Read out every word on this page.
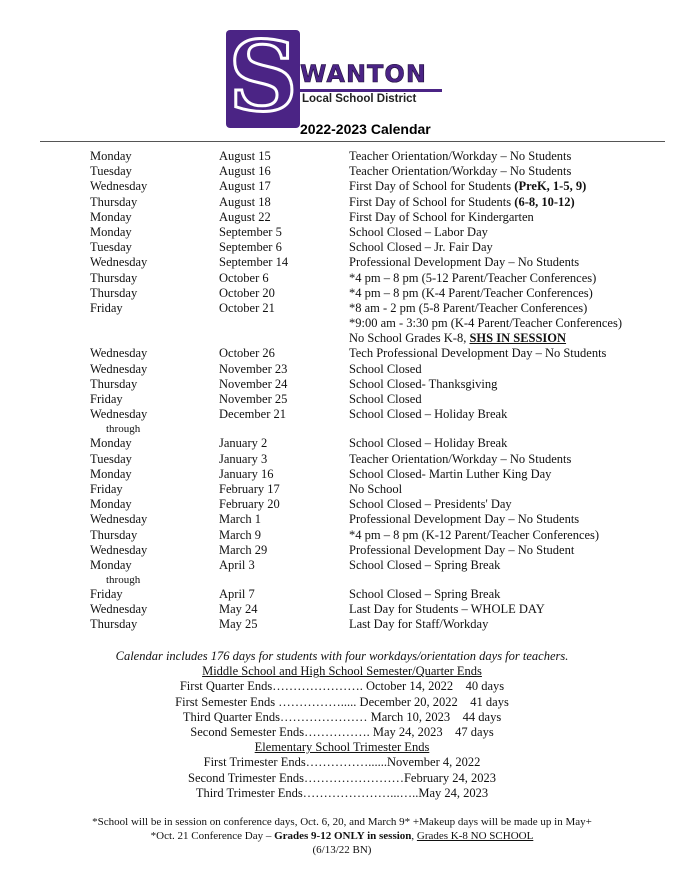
S WANTON
Local School District
2022-2023 Calendar
Monday	August 15	Teacher Orientation/Workday – No Students
Tuesday	August 16	Teacher Orientation/Workday – No Students
Wednesday	August 17	First Day of School for Students (PreK, 1-5, 9)
Thursday	August 18	First Day of School for Students (6-8, 10-12)
Monday	August 22	First Day of School for Kindergarten
Monday	September 5	School Closed – Labor Day
Tuesday	September 6	School Closed – Jr. Fair Day
Wednesday	September 14	Professional Development Day – No Students
Thursday	October 6	*4 pm – 8 pm (5-12 Parent/Teacher Conferences)
Thursday	October 20	*4 pm – 8 pm (K-4 Parent/Teacher Conferences)
Friday	October 21	*8 am - 2 pm (5-8 Parent/Teacher Conferences)
*9:00 am - 3:30 pm (K-4 Parent/Teacher Conferences)
No School Grades K-8, SHS IN SESSION
Wednesday	October 26	Tech Professional Development Day – No Students
Wednesday	November 23	School Closed
Thursday	November 24	School Closed- Thanksgiving
Friday	November 25	School Closed
Wednesday	December 21	School Closed – Holiday Break
through
Monday	January 2	School Closed – Holiday Break
Tuesday	January 3	Teacher Orientation/Workday – No Students
Monday	January 16	School Closed- Martin Luther King Day
Friday	February 17	No School
Monday	February 20	School Closed – Presidents' Day
Wednesday	March 1	Professional Development Day – No Students
Thursday	March 9	*4 pm – 8 pm (K-12 Parent/Teacher Conferences)
Wednesday	March 29	Professional Development Day – No Student
Monday	April 3	School Closed – Spring Break
through
Friday	April 7	School Closed – Spring Break
Wednesday	May 24	Last Day for Students – WHOLE DAY
Thursday	May 25	Last Day for Staff/Workday
Calendar includes 176 days for students with four workdays/orientation days for teachers.
Middle School and High School Semester/Quarter Ends
First Quarter Ends…………………. October 14, 2022 40 days
First Semester Ends ……………..... December 20, 2022 41 days
Third Quarter Ends………………… March 10, 2023 44 days
Second Semester Ends……………. May 24, 2023 47 days
Elementary School Trimester Ends
First Trimester Ends……………......November 4, 2022
Second Trimester Ends……………………February 24, 2023
Third Trimester Ends…………………...…..May 24, 2023
*School will be in session on conference days, Oct. 6, 20, and March 9* +Makeup days will be made up in May+
*Oct. 21 Conference Day – Grades 9-12 ONLY in session, Grades K-8 NO SCHOOL
(6/13/22 BN)
